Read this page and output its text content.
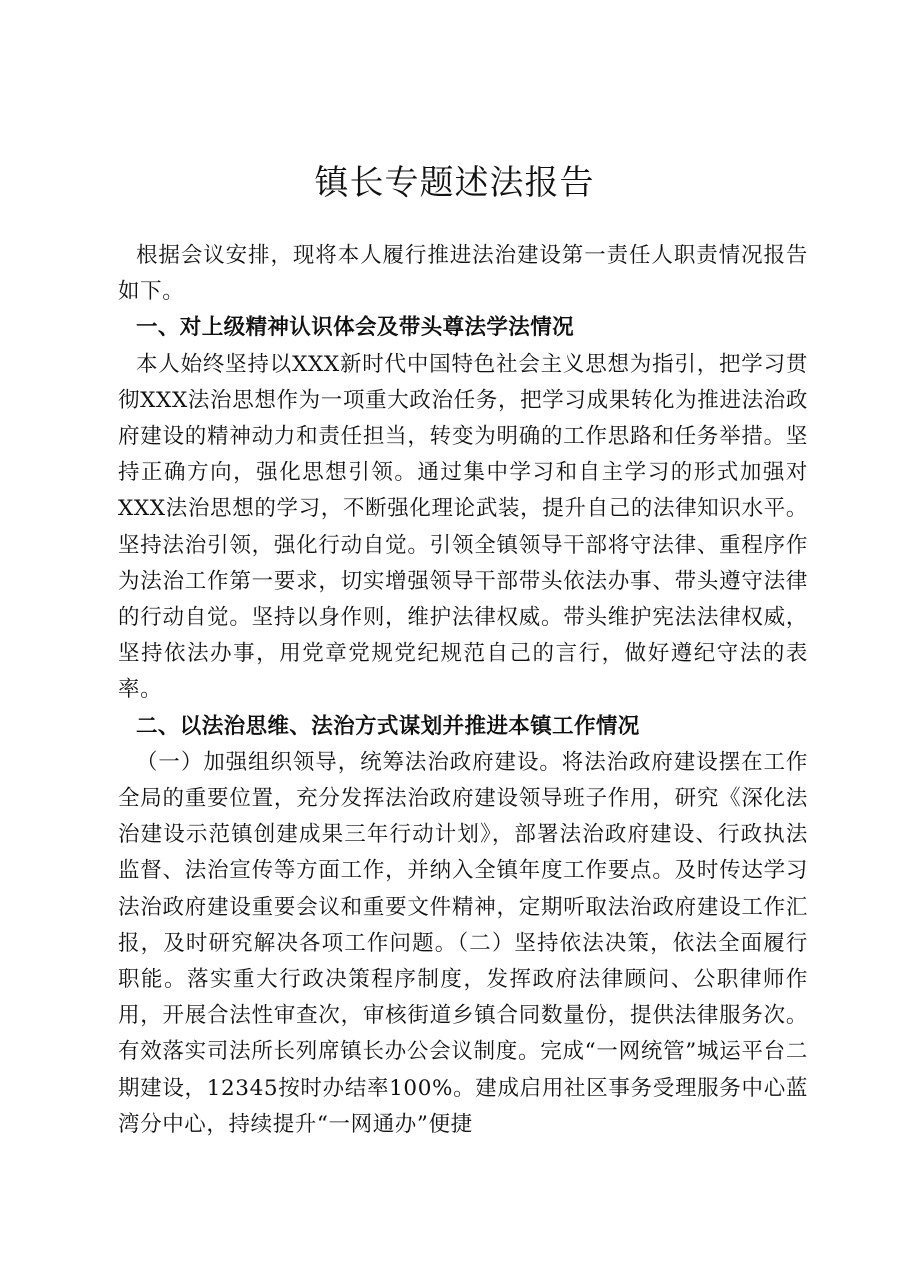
镇长专题述法报告

根据会议安排，现将本人履行推进法治建设第一责任人职责情况报告如下。

一、对上级精神认识体会及带头尊法学法情况

本人始终坚持以XXX新时代中国特色社会主义思想为指引，把学习贯彻XXX法治思想作为一项重大政治任务，把学习成果转化为推进法治政府建设的精神动力和责任担当，转变为明确的工作思路和任务举措。坚持正确方向，强化思想引领。通过集中学习和自主学习的形式加强对XXX法治思想的学习，不断强化理论武装，提升自己的法律知识水平。坚持法治引领，强化行动自觉。引领全镇领导干部将守法律、重程序作为法治工作第一要求，切实增强领导干部带头依法办事、带头遵守法律的行动自觉。坚持以身作则，维护法律权威。带头维护宪法法律权威，坚持依法办事，用党章党规党纪规范自己的言行，做好遵纪守法的表率。

二、以法治思维、法治方式谋划并推进本镇工作情况

（一）加强组织领导，统筹法治政府建设。将法治政府建设摆在工作全局的重要位置，充分发挥法治政府建设领导班子作用，研究《深化法治建设示范镇创建成果三年行动计划》，部署法治政府建设、行政执法监督、法治宣传等方面工作，并纳入全镇年度工作要点。及时传达学习法治政府建设重要会议和重要文件精神，定期听取法治政府建设工作汇报，及时研究解决各项工作问题。（二）坚持依法决策，依法全面履行职能。落实重大行政决策程序制度，发挥政府法律顾问、公职律师作用，开展合法性审查次，审核街道乡镇合同数量份，提供法律服务次。有效落实司法所长列席镇长办公会议制度。完成“一网统管”城运平台二期建设，12345按时办结率100%。建成启用社区事务受理服务中心蓝湾分中心，持续提升“一网通办”便捷
